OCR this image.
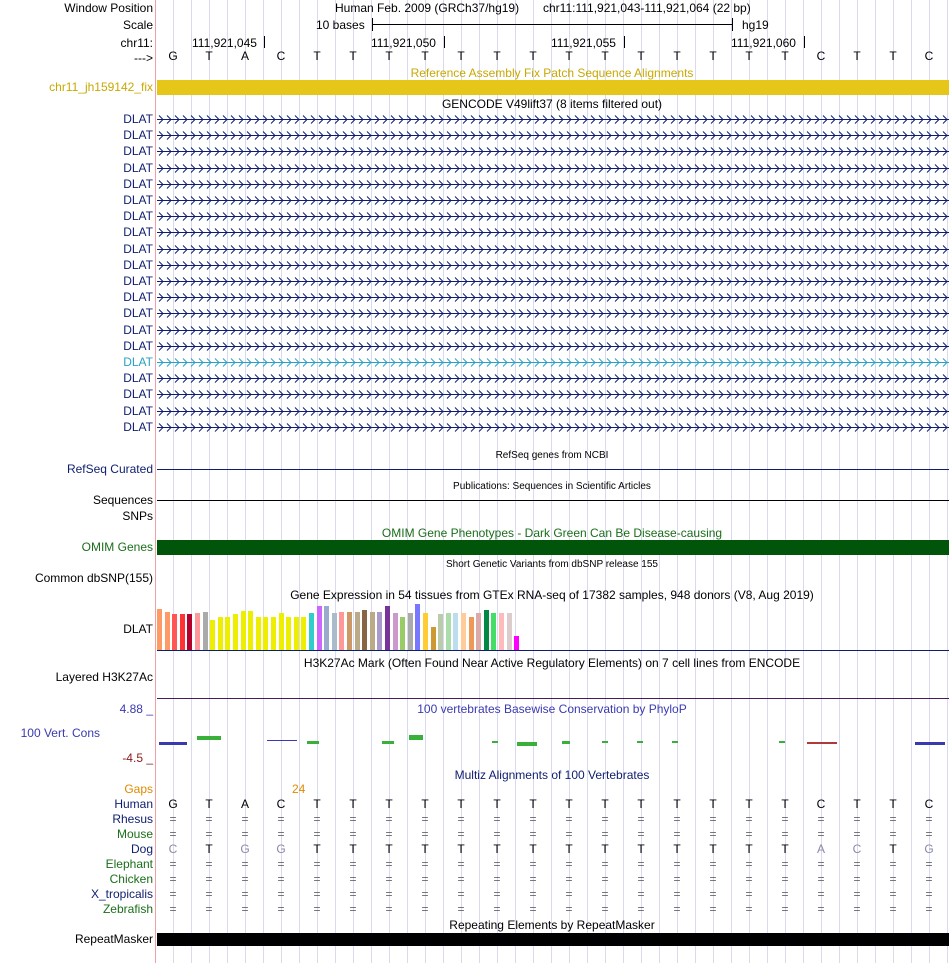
Window Position	Human Feb. 2009 (GRCh37/hg19) chr11:111,921,043-111,921,064 (22 bp)
Scale	10 bases	hg19
chr11:	111,921,045	111,921,050	111,921,055	111,921,060
--->	G	T	A	C	T	T	T	T	T	T	T	T	T	T	T	T	T	T	C	T	T	C
Reference Assembly Fix Patch Sequence Alignments
chr11_jh159142_fix
GENCODE V49lift37 (8 items filtered out)
DLAT
DLAT
DLAT
DLAT
DLAT
DLAT
DLAT
DLAT
DLAT
DLAT
DLAT
DLAT
DLAT
DLAT
DLAT
DLAT
DLAT
DLAT
DLAT
DLAT
RefSeq genes from NCBI
RefSeq Curated
Publications: Sequences in Scientific Articles
Sequences
SNPs
OMIM Gene Phenotypes - Dark Green Can Be Disease-causing
OMIM Genes
Short Genetic Variants from dbSNP release 155
Common dbSNP(155)
Gene Expression in 54 tissues from GTEx RNA-seq of 17382 samples, 948 donors (V8, Aug 2019)
DLAT
H3K27Ac Mark (Often Found Near Active Regulatory Elements) on 7 cell lines from ENCODE
Layered H3K27Ac
100 vertebrates Basewise Conservation by PhyloP
4.88 _
100 Vert. Cons
-4.5 _
Multiz Alignments of 100 Vertebrates
Gaps	24
Human	G	T	A	C	T	T	T	T	T	T	T	T	T	T	T	T	T	T	C	T	T	C
Rhesus	=	=	=	=	=	=	=	=	=	=	=	=	=	=	=	=	=	=	=	=	=	=
Mouse	=	=	=	=	=	=	=	=	=	=	=	=	=	=	=	=	=	=	=	=	=	=
Dog	C	T	G	G	T	T	T	T	T	T	T	T	T	T	T	T	T	T	A	C	T	G
Elephant	=	=	=	=	=	=	=	=	=	=	=	=	=	=	=	=	=	=	=	=	=	=
Chicken	=	=	=	=	=	=	=	=	=	=	=	=	=	=	=	=	=	=	=	=	=	=
X_tropicalis	=	=	=	=	=	=	=	=	=	=	=	=	=	=	=	=	=	=	=	=	=	=
Zebrafish	=	=	=	=	=	=	=	=	=	=	=	=	=	=	=	=	=	=	=	=	=	=
Repeating Elements by RepeatMasker
RepeatMasker
